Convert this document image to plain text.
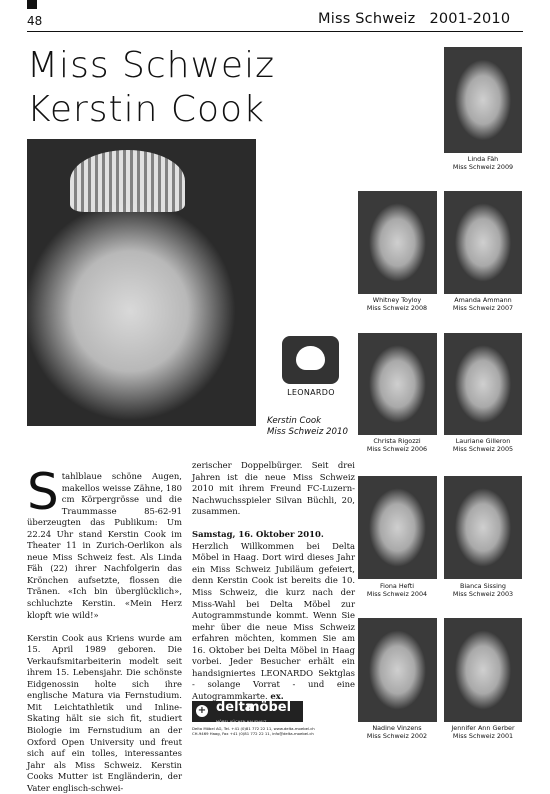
48	Miss Schweiz 2001-2010
Miss Schweiz
Kerstin Cook
LEONARDO
Kerstin Cook
Miss Schweiz 2010
Linda Fäh
Miss Schweiz 2009
Whitney Toyloy
Miss Schweiz 2008
Amanda Ammann
Miss Schweiz 2007
Christa Rigozzi
Miss Schweiz 2006
Lauriane Gilleron
Miss Schweiz 2005
Fiona Hefti
Miss Schweiz 2004
Bianca Sissing
Miss Schweiz 2003
Nadine Vinzens
Miss Schweiz 2002
Jennifer Ann Gerber
Miss Schweiz 2001

Stahlblaue schöne Augen, makellos weisse Zähne, 180 cm Körpergrösse und die Traummasse 85-62-91 überzeugten das Publikum: Um 22.24 Uhr stand Kerstin Cook im Theater 11 in Zurich-Oerlikon als neue Miss Schweiz fest. Als Linda Fäh (22) ihrer Nachfolgerin das Krönchen aufsetzte, flossen die Tränen. «Ich bin überglücklich», schluchzte Kerstin. «Mein Herz klopft wie wild!»

Kerstin Cook aus Kriens wurde am 15. April 1989 geboren. Die Verkaufsmitarbeiterin modelt seit ihrem 15. Lebensjahr. Die schönste Eidgenossin holte sich ihre englische Matura via Fernstudium. Mit Leichtathletik und Inline-Skating hält sie sich fit, studiert Biologie im Fernstudium an der Oxford Open University und freut sich auf ein tolles, interessantes Jahr als Miss Schweiz. Kerstin Cooks Mutter ist Engländerin, der Vater englisch-schwei-

zerischer Doppelbürger. Seit drei Jahren ist die neue Miss Schweiz 2010 mit ihrem Freund FC-Luzern-Nachwuchsspieler Silvan Büchli, 20, zusammen.

Samstag, 16. Oktober 2010.
Herzlich Willkommen bei Delta Möbel in Haag. Dort wird dieses Jahr ein Miss Schweiz Jubiläum gefeiert, denn Kerstin Cook ist bereits die 10. Miss Schweiz, die kurz nach der Miss-Wahl bei Delta Möbel zur Autogrammstunde kommt. Wenn Sie mehr über die neue Miss Schweiz erfahren möchten, kommen Sie am 16. Oktober bei Delta Möbel in Haag vorbei. Jeder Besucher erhält ein handsigniertes LEONARDO Sektglas - solange Vorrat - und eine Autogrammkarte. ex.

+ delta
möbel
MÖBEL KÜCHEN HAUSHALT
Delta Möbel AG, Tel. +41 (0)81 772 22 11, www.delta-moebel.ch
CH-9469 Haag, Fax +41 (0)81 772 22 11, info@delta-moebel.ch
